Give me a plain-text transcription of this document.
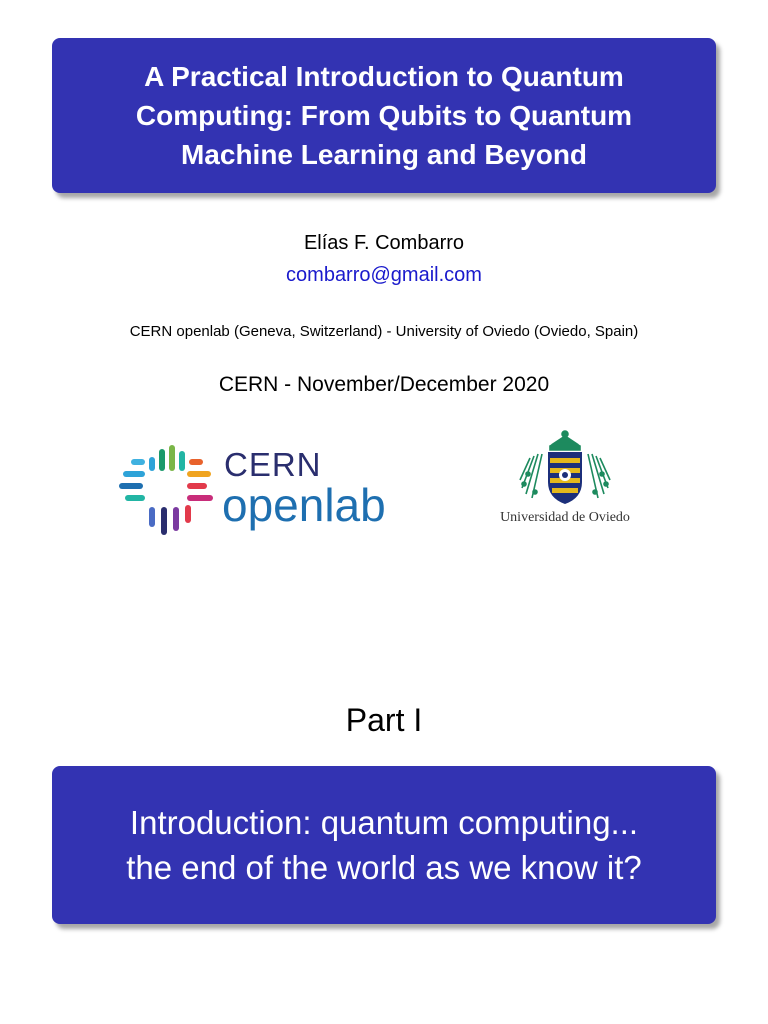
A Practical Introduction to Quantum
Computing: From Qubits to Quantum
Machine Learning and Beyond
Elías F. Combarro
combarro@gmail.com
CERN openlab (Geneva, Switzerland) - University of Oviedo (Oviedo, Spain)
CERN - November/December 2020
CERN
openlab	Universidad de Oviedo
Part I
Introduction: quantum computing...
the end of the world as we know it?
